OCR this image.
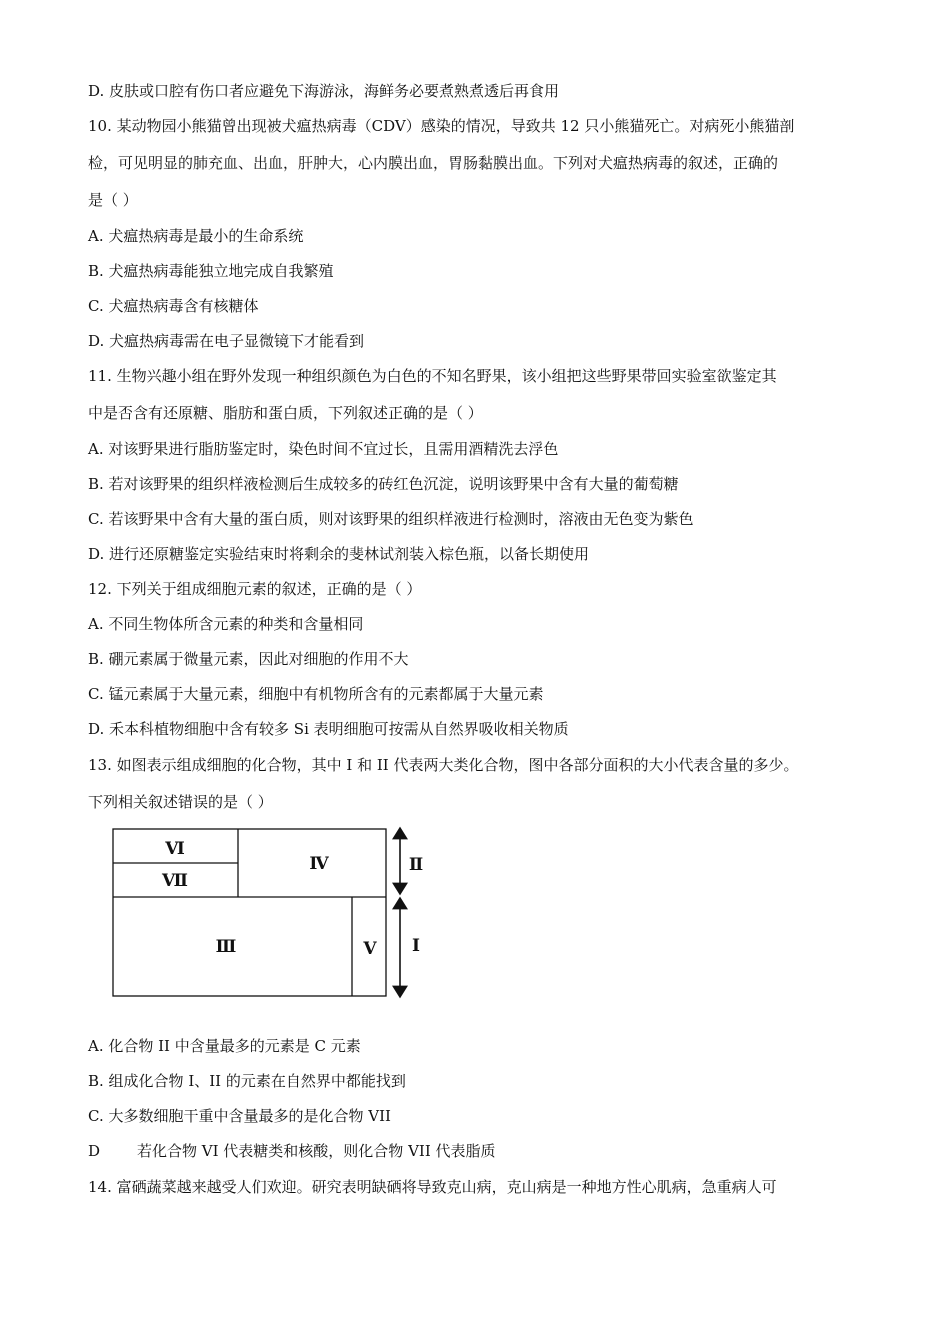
D. 皮肤或口腔有伤口者应避免下海游泳，海鲜务必要煮熟煮透后再食用
10. 某动物园小熊猫曾出现被犬瘟热病毒（CDV）感染的情况，导致共 12 只小熊猫死亡。对病死小熊猫剖
检，可见明显的肺充血、出血，肝肿大，心内膜出血，胃肠黏膜出血。下列对犬瘟热病毒的叙述，正确的
是（ ）
A. 犬瘟热病毒是最小的生命系统
B. 犬瘟热病毒能独立地完成自我繁殖
C. 犬瘟热病毒含有核糖体
D. 犬瘟热病毒需在电子显微镜下才能看到
11. 生物兴趣小组在野外发现一种组织颜色为白色的不知名野果，该小组把这些野果带回实验室欲鉴定其
中是否含有还原糖、脂肪和蛋白质，下列叙述正确的是（ ）
A. 对该野果进行脂肪鉴定时，染色时间不宜过长，且需用酒精洗去浮色
B. 若对该野果的组织样液检测后生成较多的砖红色沉淀，说明该野果中含有大量的葡萄糖
C. 若该野果中含有大量的蛋白质，则对该野果的组织样液进行检测时，溶液由无色变为紫色
D. 进行还原糖鉴定实验结束时将剩余的斐林试剂装入棕色瓶，以备长期使用
12. 下列关于组成细胞元素的叙述，正确的是（ ）
A. 不同生物体所含元素的种类和含量相同
B. 硼元素属于微量元素，因此对细胞的作用不大
C. 锰元素属于大量元素，细胞中有机物所含有的元素都属于大量元素
D. 禾本科植物细胞中含有较多 Si 表明细胞可按需从自然界吸收相关物质
13. 如图表示组成细胞的化合物，其中 I 和 II 代表两大类化合物，图中各部分面积的大小代表含量的多少。
下列相关叙述错误的是（ ）
Ⅵ
Ⅶ
Ⅳ
Ⅲ	Ⅴ
Ⅱ
Ⅰ
A. 化合物 II 中含量最多的元素是 C 元素
B. 组成化合物 I、II 的元素在自然界中都能找到
C. 大多数细胞干重中含量最多的是化合物 VII
D 若化合物 VI 代表糖类和核酸，则化合物 VII 代表脂质
14. 富硒蔬菜越来越受人们欢迎。研究表明缺硒将导致克山病，克山病是一种地方性心肌病，急重病人可
